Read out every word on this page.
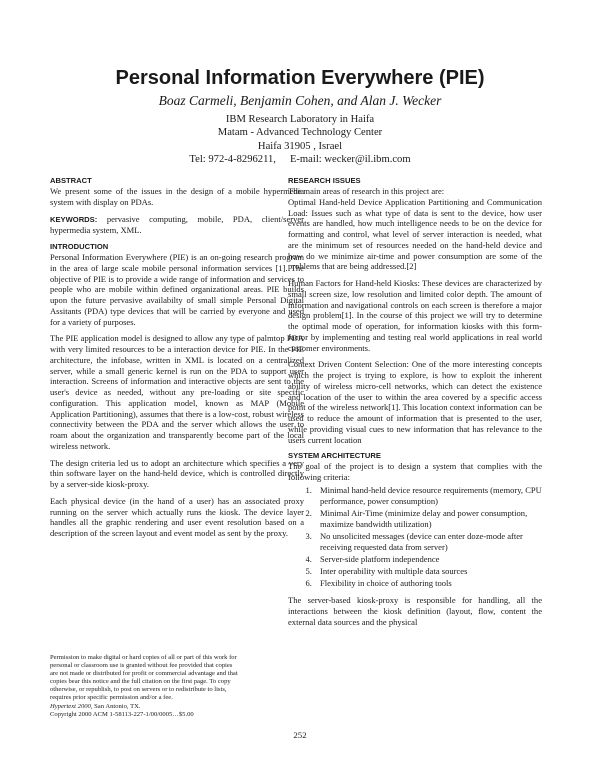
Personal Information Everywhere (PIE)
Boaz Carmeli, Benjamin Cohen, and Alan J. Wecker
IBM Research Laboratory in Haifa
Matam - Advanced Technology Center
Haifa 31905 , Israel
Tel: 972-4-8296211, E-mail: wecker@il.ibm.com
ABSTRACT

We present some of the issues in the design of a mobile hypermedia system with display on PDAs.

KEYWORDS: pervasive computing, mobile, PDA, client/server hypermedia system, XML.

INTRODUCTION

Personal Information Everywhere (PIE) is an on-going research program in the area of large scale mobile personal information services [1]. The objective of PIE is to provide a wide range of information and services to people who are mobile within defined organizational areas. PIE builds upon the future pervasive availabilty of small simple Personal Digital Assitants (PDA) type devices that will be carried by everyone and used for a variety of purposes.

The PIE application model is designed to allow any type of palmtop PDA with very limited resources to be a interaction device for PIE. In the PIE architecture, the infobase, written in XML is located on a centralized server, while a small generic kernel is run on the PDA to support user interaction. Screens of information and interactive objects are sent to the user's device as needed, without any pre-loading or site specific configuration. This application model, known as MAP (Mobile Application Partitioning), assumes that there is a low-cost, robust wireless connectivity between the PDA and the server which allows the user to roam about the organization and transparently become part of the local wireless network.

The design criteria led us to adopt an architecture which specifies a very thin software layer on the hand-held device, which is controlled directly by a server-side kiosk-proxy.

Each physical device (in the hand of a user) has an associated proxy running on the server which actually runs the kiosk. The device layer handles all the graphic rendering and user event resolution based on a description of the screen layout and event model as sent by the proxy.

RESEARCH ISSUES

The main areas of research in this project are:

Optimal Hand-held Device Application Partitioning and Communication Load: Issues such as what type of data is sent to the device, how user events are handled, how much intelligence needs to be on the device for formatting and control, what level of server interaction is needed, what are the minimum set of resources needed on the hand-held device and how do we minimize air-time and power consumption are some of the problems that are being addressed.[2]

Human Factors for Hand-held Kiosks: These devices are characterized by small screen size, low resolution and limited color depth. The amount of information and navigational controls on each screen is therefore a major design problem[1]. In the course of this project we will try to determine the optimal mode of operation, for information kiosks with this form-factor by implementing and testing real world applications in real world customer environments.

Context Driven Content Selection: One of the more interesting concepts which the project is trying to explore, is how to exploit the inherent ability of wireless micro-cell networks, which can detect the existence and location of the user to within the area covered by a specific access point of the wireless network[1]. This location context information can be used to reduce the amount of information that is presented to the user, while providing visual cues to new information that has relevance to the users current location

SYSTEM ARCHITECTURE

The goal of the project is to design a system that complies with the following criteria:

1. Minimal hand-held device resource requirements (memory, CPU performance, power consumption)
2. Minimal Air-Time (minimize delay and power consumption, maximize bandwidth utilization)
3. No unsolicited messages (device can enter doze-mode after receiving requested data from server)
4. Server-side platform independence
5. Inter operability with multiple data sources
6. Flexibility in choice of authoring tools

The server-based kiosk-proxy is responsible for handling, all the interactions between the kiosk definition (layout, flow, content the external data sources and the physical

Permission to make digital or hard copies of all or part of this work for
personal or classroom use is granted without fee provided that copies
are not made or distributed for profit or commercial advantage and that
copies bear this notice and the full citation on the first page. To copy
otherwise, or republish, to post on servers or to redistribute to lists,
requires prior specific permission and/or a fee.
Hypertext 2000, San Antonio, TX.
Copyright 2000 ACM 1-58113-227-1/00/0005…$5.00
252
